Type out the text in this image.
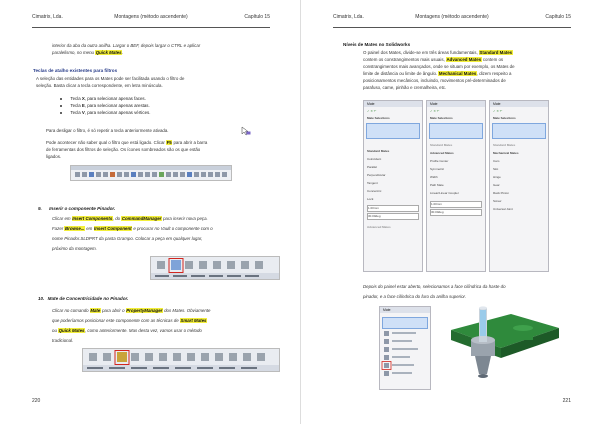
Cimatrix, Lda.	Montagens (método ascendente)	Capítulo 15
interior da aba da outra anilha. Largar o BEF, depois largar o CTRL e aplicar
paralelismo, no menu Quick Mates.
Teclas de atalho existentes para filtros
A seleção das entidades para os Mates pode ser facilitada usando o filtro de
seleção. Basta clicar a tecla correspondente, em letra minúscula.
Tecla X, para selecionar apenas faces.
Tecla E, para selecionar apenas arestas.
Tecla V, para selecionar apenas vértices.
Para desligar o filtro, é só repetir a tecla anteriormente ativada.
Pode acontecer não saber qual o filtro que está ligado. Clicar F5 para abrir a barra
de ferramentas dos filtros de seleção. Os ícones sombreados são os que estão
ligados.
9. Inserir o componente Pinador.
Clicar em Insert Components, do CommandManager para inserir nova peça.
Fazer Browse... em Insert Component e procurar no Vault o componente com o
nome Pinador.SLDPRT da pasta Grampo. Colocar a peça em qualquer lugar,
próximo da montagem.
10. Mate de Concentricidade no Pinador.
Clicar no comando Mate para abrir o PropertyManager dos Mates. Obviamente
que poderíamos posicionar este componente com as técnicas de Smart Mates
ou Quick Mates, como anteriormente. Mas desta vez, vamos usar o método
tradicional.
220
Cimatrix, Lda.	Montagens (método ascendente)	Capítulo 15
Níveis de Mates no Solidworks
O painel dos Mates, divide-se em três áreas fundamentais, Standard Mates
contem os constrangimentos mais usuais, Advanced Mates contem os
constrangimentos mais avançados, onde se situam por exemplo, os Mates de
limite de distância ou limite de ângulo. Mechanical Mates, dizem respeito a
posicionamentos mecânicos, incluindo, movimentos pré-determinados de
parafuso, came, pinhão e cremalheira, etc.
Mate
✓ ✕ ↶
Mate Selections
Standard Mates
Coincident
Parallel
Perpendicular
Tangent
Concentric
Lock
1.00mm
30.00deg
Advanced Mates
Mate
✓ ✕ ↶
Mate Selections
Standard Mates
Advanced Mates
Profile Center
Symmetric
Width
Path Mate
Linear/Linear Coupler
1.00mm
30.00deg
Mate
✓ ✕ ↶
Mate Selections
Standard Mates
Mechanical Mates
Cam
Slot
Hinge
Gear
Rack Pinion
Screw
Universal Joint
Depois do painel estar aberto, selecionamos a face cilíndrica da haste do
pinador, e a face cilíndrica do furo da anilha superior.
Mate
221
